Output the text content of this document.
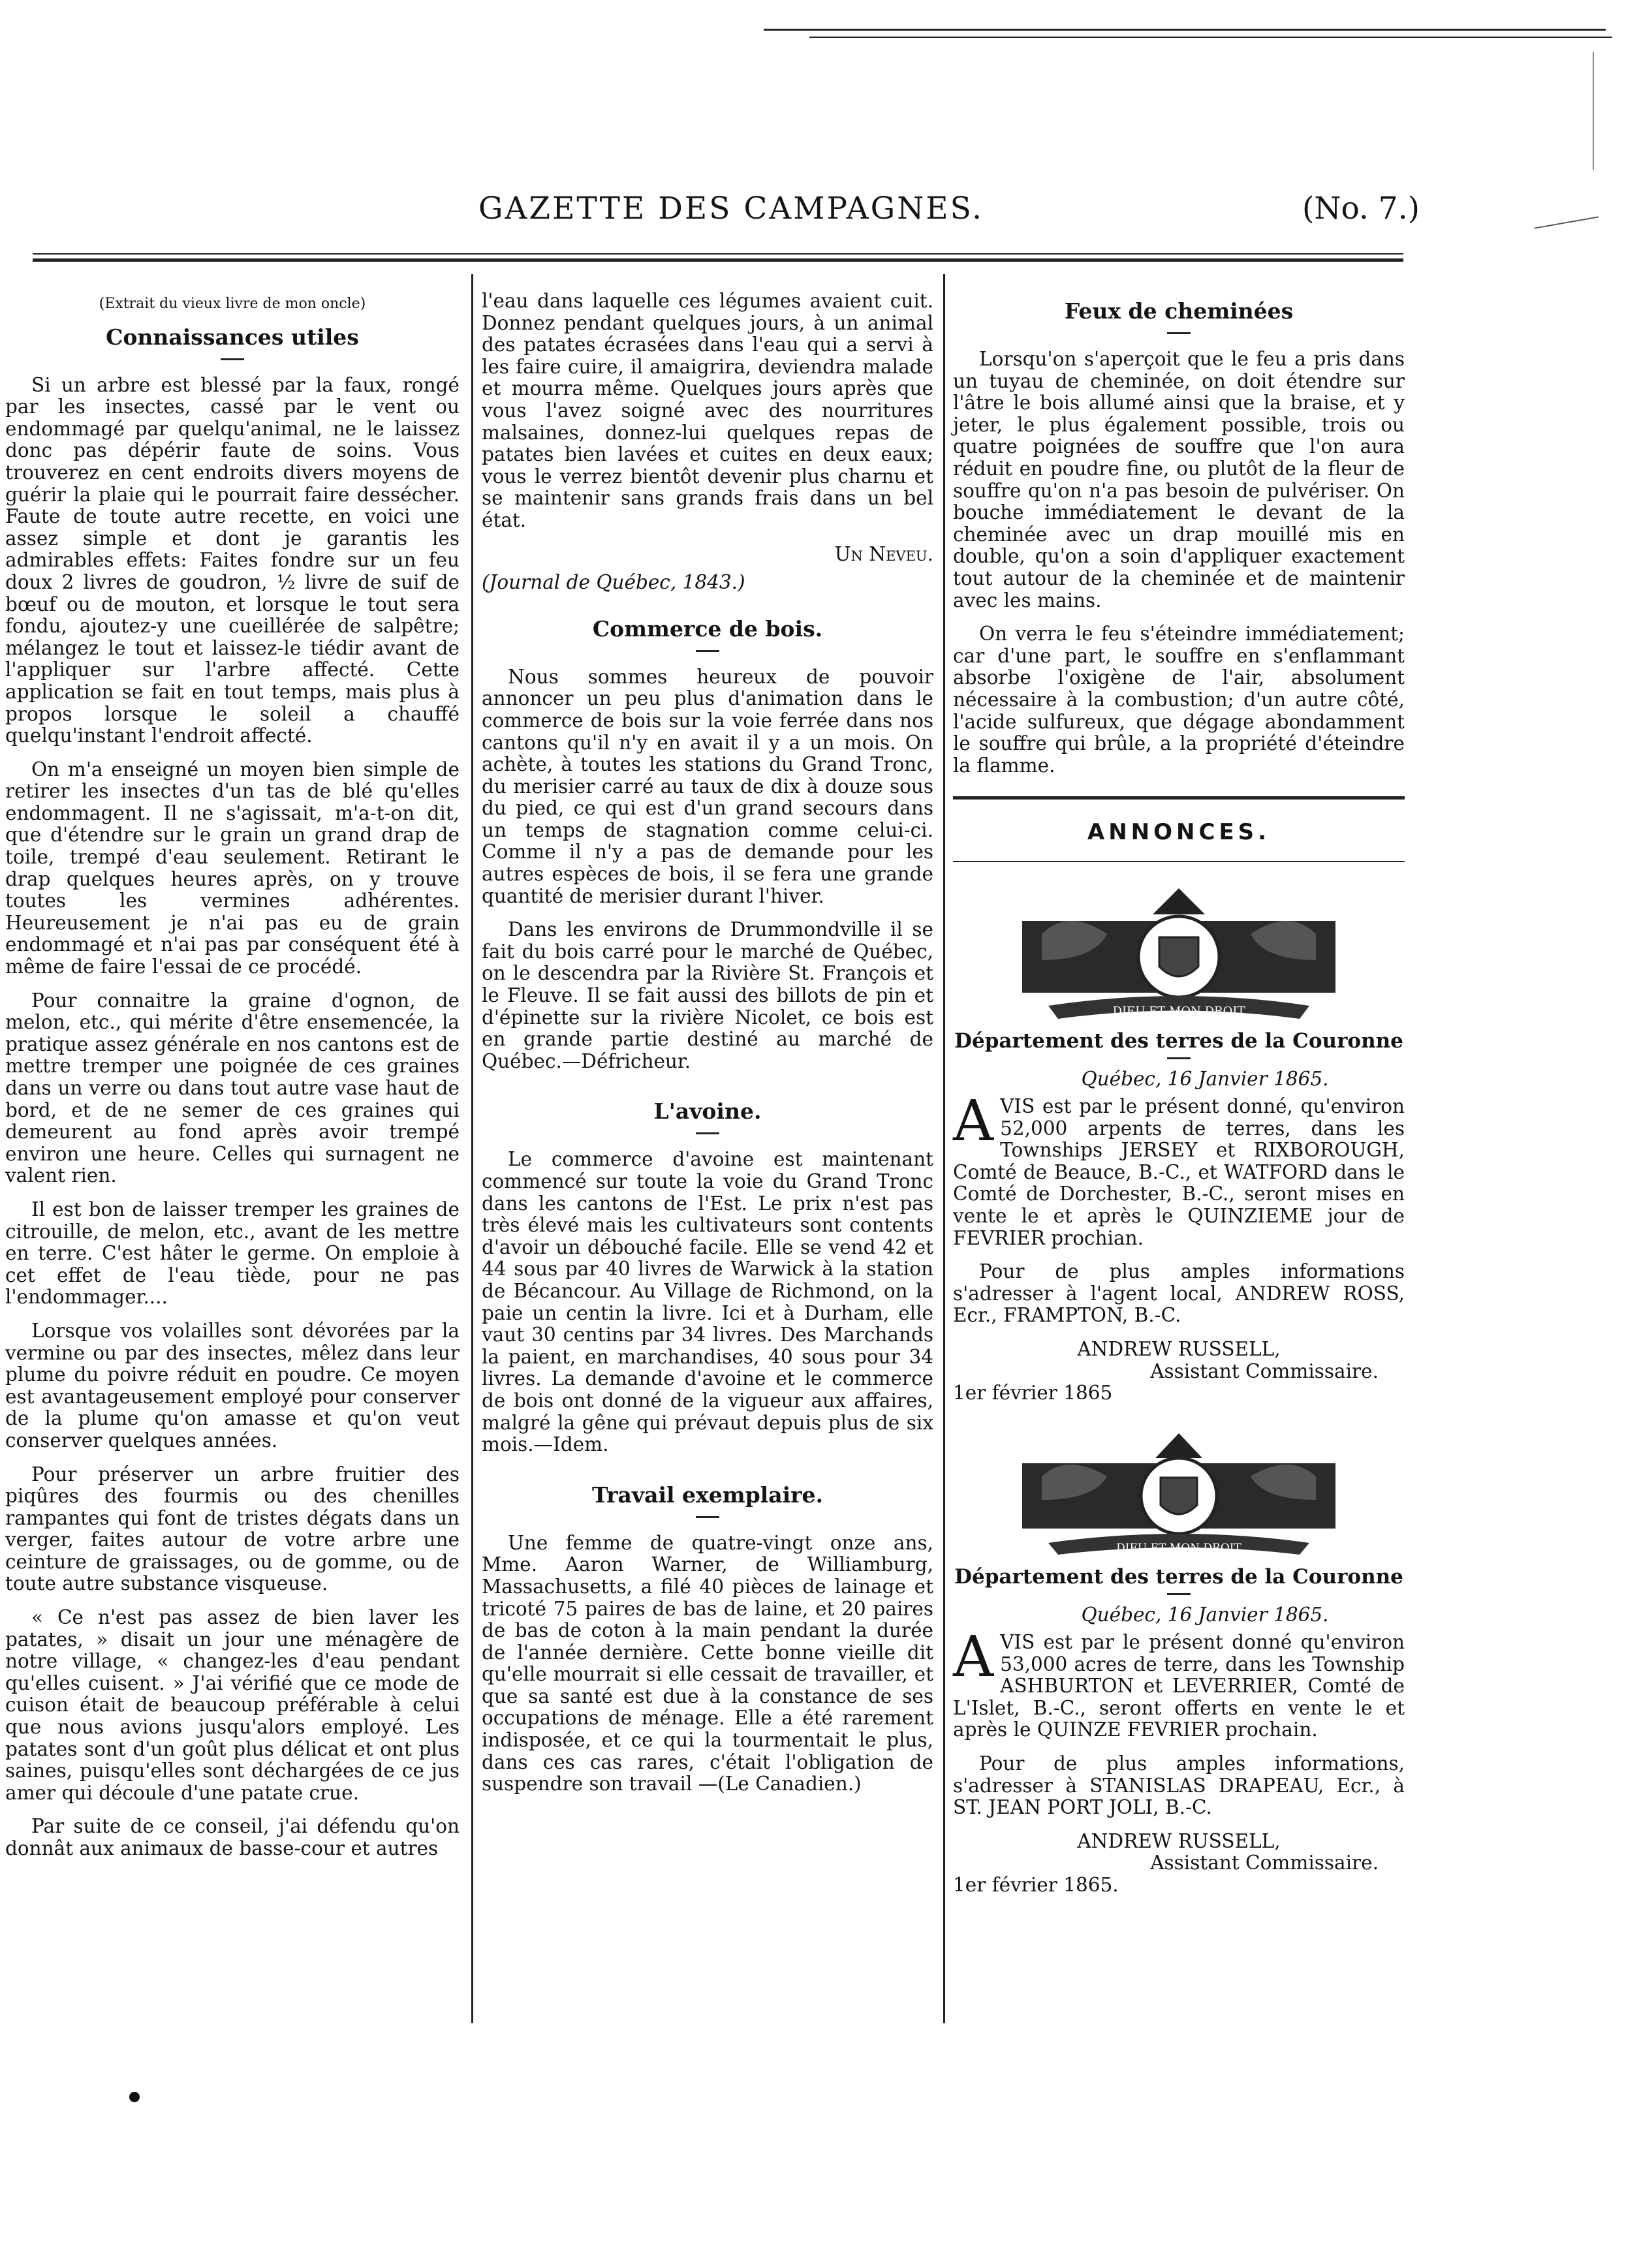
GAZETTE DES CAMPAGNES.	(No. 7.)
(Extrait du vieux livre de mon oncle)
Connaissances utiles

Si un arbre est blessé par la faux, rongé par les insectes, cassé par le vent ou endommagé par quelqu'animal, ne le laissez donc pas dépérir faute de soins. Vous trouverez en cent endroits divers moyens de guérir la plaie qui le pourrait faire dessécher. Faute de toute autre recette, en voici une assez simple et dont je garantis les admirables effets: Faites fondre sur un feu doux 2 livres de goudron, ½ livre de suif de bœuf ou de mouton, et lorsque le tout sera fondu, ajoutez-y une cueillérée de salpêtre; mélangez le tout et laissez-le tiédir avant de l'appliquer sur l'arbre affecté. Cette application se fait en tout temps, mais plus à propos lorsque le soleil a chauffé quelqu'instant l'endroit affecté.

On m'a enseigné un moyen bien simple de retirer les insectes d'un tas de blé qu'elles endommagent. Il ne s'agissait, m'a-t-on dit, que d'étendre sur le grain un grand drap de toile, trempé d'eau seulement. Retirant le drap quelques heures après, on y trouve toutes les vermines adhérentes. Heureusement je n'ai pas eu de grain endommagé et n'ai pas par conséquent été à même de faire l'essai de ce procédé.

Pour connaitre la graine d'ognon, de melon, etc., qui mérite d'être ensemencée, la pratique assez générale en nos cantons est de mettre tremper une poignée de ces graines dans un verre ou dans tout autre vase haut de bord, et de ne semer de ces graines qui demeurent au fond après avoir trempé environ une heure. Celles qui surnagent ne valent rien.

Il est bon de laisser tremper les graines de citrouille, de melon, etc., avant de les mettre en terre. C'est hâter le germe. On emploie à cet effet de l'eau tiède, pour ne pas l'endommager....

Lorsque vos volailles sont dévorées par la vermine ou par des insectes, mêlez dans leur plume du poivre réduit en poudre. Ce moyen est avantageusement employé pour conserver de la plume qu'on amasse et qu'on veut conserver quelques années.

Pour préserver un arbre fruitier des piqûres des fourmis ou des chenilles rampantes qui font de tristes dégats dans un verger, faites autour de votre arbre une ceinture de graissages, ou de gomme, ou de toute autre substance visqueuse.

« Ce n'est pas assez de bien laver les patates, » disait un jour une ménagère de notre village, « changez-les d'eau pendant qu'elles cuisent. » J'ai vérifié que ce mode de cuison était de beaucoup préférable à celui que nous avions jusqu'alors employé. Les patates sont d'un goût plus délicat et ont plus saines, puisqu'elles sont déchargées de ce jus amer qui découle d'une patate crue.

Par suite de ce conseil, j'ai défendu qu'on donnât aux animaux de basse-cour et autres

l'eau dans laquelle ces légumes avaient cuit. Donnez pendant quelques jours, à un animal des patates écrasées dans l'eau qui a servi à les faire cuire, il amaigrira, deviendra malade et mourra même. Quelques jours après que vous l'avez soigné avec des nourritures malsaines, donnez-lui quelques repas de patates bien lavées et cuites en deux eaux; vous le verrez bientôt devenir plus charnu et se maintenir sans grands frais dans un bel état.

Un Neveu.
(Journal de Québec, 1843.)
Commerce de bois.

Nous sommes heureux de pouvoir annoncer un peu plus d'animation dans le commerce de bois sur la voie ferrée dans nos cantons qu'il n'y en avait il y a un mois. On achète, à toutes les stations du Grand Tronc, du merisier carré au taux de dix à douze sous du pied, ce qui est d'un grand secours dans un temps de stagnation comme celui-ci. Comme il n'y a pas de demande pour les autres espèces de bois, il se fera une grande quantité de merisier durant l'hiver.

Dans les environs de Drummondville il se fait du bois carré pour le marché de Québec, on le descendra par la Rivière St. François et le Fleuve. Il se fait aussi des billots de pin et d'épinette sur la rivière Nicolet, ce bois est en grande partie destiné au marché de Québec.—Défricheur.

L'avoine.

Le commerce d'avoine est maintenant commencé sur toute la voie du Grand Tronc dans les cantons de l'Est. Le prix n'est pas très élevé mais les cultivateurs sont contents d'avoir un débouché facile. Elle se vend 42 et 44 sous par 40 livres de Warwick à la station de Bécancour. Au Village de Richmond, on la paie un centin la livre. Ici et à Durham, elle vaut 30 centins par 34 livres. Des Marchands la paient, en marchandises, 40 sous pour 34 livres. La demande d'avoine et le commerce de bois ont donné de la vigueur aux affaires, malgré la gêne qui prévaut depuis plus de six mois.—Idem.

Travail exemplaire.

Une femme de quatre-vingt onze ans, Mme. Aaron Warner, de Williamburg, Massachusetts, a filé 40 pièces de lainage et tricoté 75 paires de bas de laine, et 20 paires de bas de coton à la main pendant la durée de l'année dernière. Cette bonne vieille dit qu'elle mourrait si elle cessait de travailler, et que sa santé est due à la constance de ses occupations de ménage. Elle a été rarement indisposée, et ce qui la tourmentait le plus, dans ces cas rares, c'était l'obligation de suspendre son travail —(Le Canadien.)

Feux de cheminées

Lorsqu'on s'aperçoit que le feu a pris dans un tuyau de cheminée, on doit étendre sur l'âtre le bois allumé ainsi que la braise, et y jeter, le plus également possible, trois ou quatre poignées de souffre que l'on aura réduit en poudre fine, ou plutôt de la fleur de souffre qu'on n'a pas besoin de pulvériser. On bouche immédiatement le devant de la cheminée avec un drap mouillé mis en double, qu'on a soin d'appliquer exactement tout autour de la cheminée et de maintenir avec les mains.

On verra le feu s'éteindre immédiatement; car d'une part, le souffre en s'enflammant absorbe l'oxigène de l'air, absolument nécessaire à la combustion; d'un autre côté, l'acide sulfureux, que dégage abondamment le souffre qui brûle, a la propriété d'éteindre la flamme.

ANNONCES.
DIEU ET MON DROIT
Département des terres de la Couronne
Québec, 16 Janvier 1865.

AVIS est par le présent donné, qu'environ 52,000 arpents de terres, dans les Townships JERSEY et RIXBOROUGH, Comté de Beauce, B.-C., et WATFORD dans le Comté de Dorchester, B.-C., seront mises en vente le et après le QUINZIEME jour de FEVRIER prochian.

Pour de plus amples informations s'adresser à l'agent local, ANDREW ROSS, Ecr., FRAMPTON, B.-C.

ANDREW RUSSELL,
Assistant Commissaire.
1er février 1865
DIEU ET MON DROIT
Département des terres de la Couronne
Québec, 16 Janvier 1865.

AVIS est par le présent donné qu'environ 53,000 acres de terre, dans les Township ASHBURTON et LEVERRIER, Comté de L'Islet, B.-C., seront offerts en vente le et après le QUINZE FEVRIER prochain.

Pour de plus amples informations, s'adresser à STANISLAS DRAPEAU, Ecr., à ST. JEAN PORT JOLI, B.-C.

ANDREW RUSSELL,
Assistant Commissaire.
1er février 1865.
